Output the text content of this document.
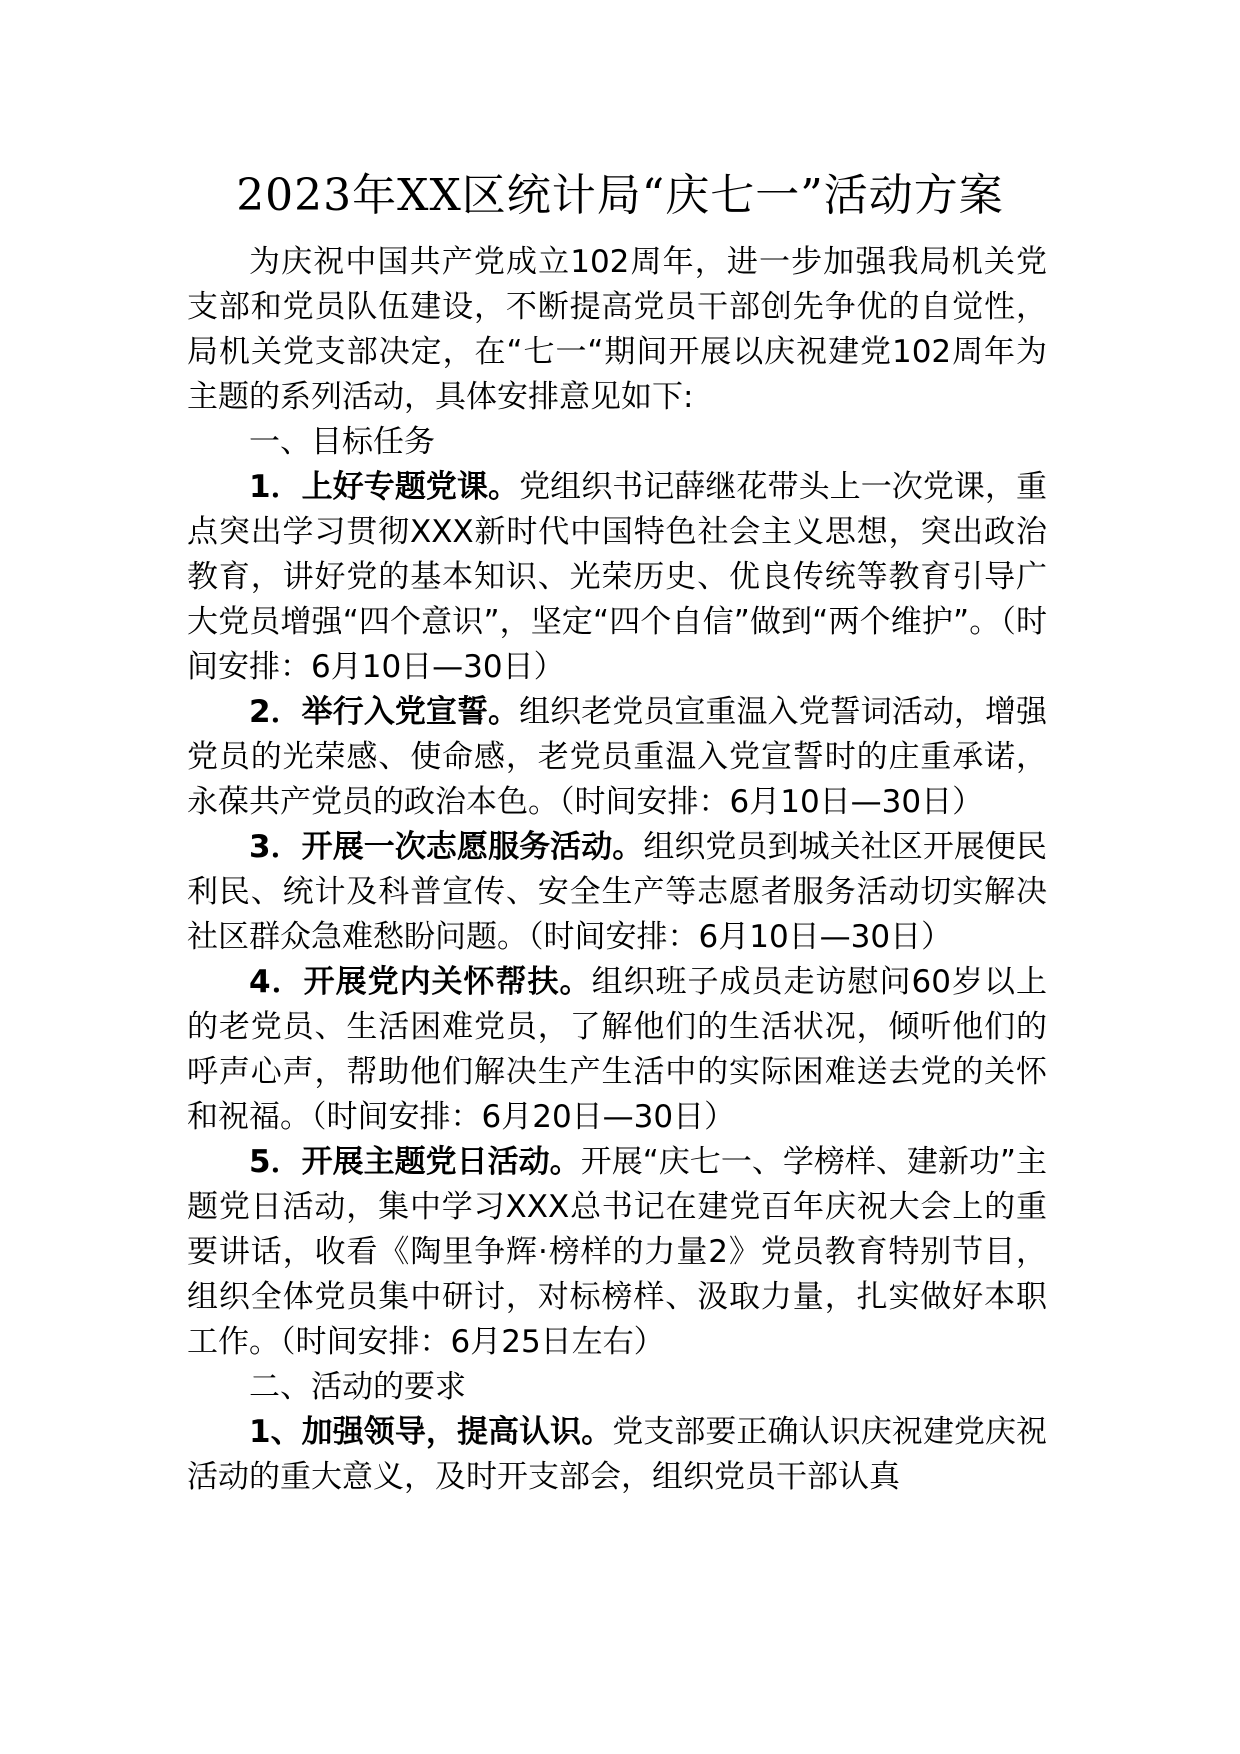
2023年XX区统计局“庆七一”活动方案

为庆祝中国共产党成立102周年，进一步加强我局机关党支部和党员队伍建设，不断提高党员干部创先争优的自觉性，局机关党支部决定，在“七一“期间开展以庆祝建党102周年为主题的系列活动，具体安排意见如下:

一、目标任务

1．上好专题党课。党组织书记薛继花带头上一次党课，重点突出学习贯彻XXX新时代中国特色社会主义思想，突出政治教育，讲好党的基本知识、光荣历史、优良传统等教育引导广大党员增强“四个意识”，坚定“四个自信”做到“两个维护”。（时间安排：6月10日—30日）

2．举行入党宣誓。组织老党员宣重温入党誓词活动，增强党员的光荣感、使命感，老党员重温入党宣誓时的庄重承诺，永葆共产党员的政治本色。（时间安排：6月10日—30日）

3．开展一次志愿服务活动。组织党员到城关社区开展便民利民、统计及科普宣传、安全生产等志愿者服务活动切实解决社区群众急难愁盼问题。（时间安排：6月10日—30日）

4．开展党内关怀帮扶。组织班子成员走访慰问60岁以上的老党员、生活困难党员，了解他们的生活状况，倾听他们的呼声心声，帮助他们解决生产生活中的实际困难送去党的关怀和祝福。（时间安排：6月20日—30日）

5．开展主题党日活动。开展“庆七一、学榜样、建新功”主题党日活动，集中学习XXX总书记在建党百年庆祝大会上的重要讲话，收看《陶里争辉·榜样的力量2》党员教育特别节目，组织全体党员集中研讨，对标榜样、汲取力量，扎实做好本职工作。（时间安排：6月25日左右）

二、活动的要求

1、加强领导，提高认识。党支部要正确认识庆祝建党庆祝活动的重大意义，及时开支部会，组织党员干部认真
